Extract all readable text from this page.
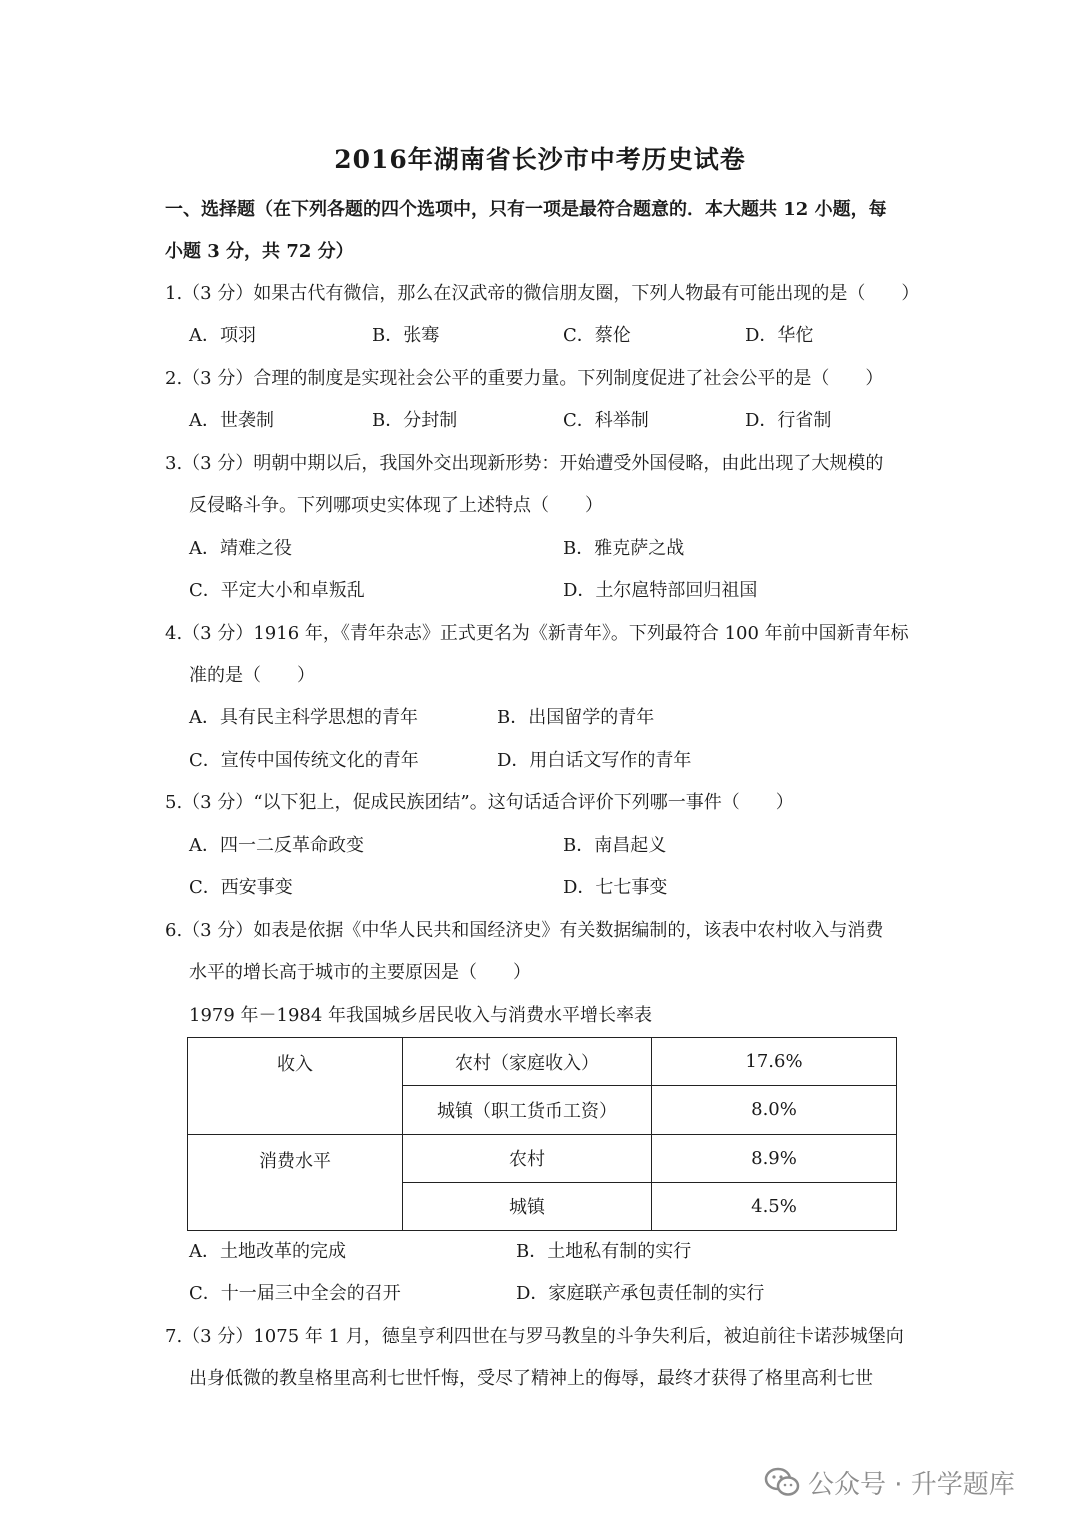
2016年湖南省长沙市中考历史试卷
一、选择题（在下列各题的四个选项中，只有一项是最符合题意的．本大题共 12 小题，每
小题 3 分，共 72 分）
1.（3 分）如果古代有微信，那么在汉武帝的微信朋友圈，下列人物最有可能出现的是（　　）
A．项羽	B．张骞	C．蔡伦	D．华佗
2.（3 分）合理的制度是实现社会公平的重要力量。下列制度促进了社会公平的是（　　）
A．世袭制	B．分封制	C．科举制	D．行省制
3.（3 分）明朝中期以后，我国外交出现新形势：开始遭受外国侵略，由此出现了大规模的
反侵略斗争。下列哪项史实体现了上述特点（　　）
A．靖难之役	B．雅克萨之战
C．平定大小和卓叛乱	D．土尔扈特部回归祖国
4.（3 分）1916 年，《青年杂志》正式更名为《新青年》。下列最符合 100 年前中国新青年标
准的是（　　）
A．具有民主科学思想的青年	B．出国留学的青年
C．宣传中国传统文化的青年	D．用白话文写作的青年
5.（3 分）“以下犯上，促成民族团结”。这句话适合评价下列哪一事件（　　）
A．四一二反革命政变	B．南昌起义
C．西安事变	D．七七事变
6.（3 分）如表是依据《中华人民共和国经济史》有关数据编制的，该表中农村收入与消费
水平的增长高于城市的主要原因是（　　）
1979 年－1984 年我国城乡居民收入与消费水平增长率表
收入	农村（家庭收入）	17.6%
	城镇（职工货币工资）	8.0%
消费水平	农村	8.9%
	城镇	4.5%
A．土地改革的完成	B．土地私有制的实行
C．十一届三中全会的召开	D．家庭联产承包责任制的实行
7.（3 分）1075 年 1 月，德皇亨利四世在与罗马教皇的斗争失利后，被迫前往卡诺莎城堡向
出身低微的教皇格里高利七世忏悔，受尽了精神上的侮辱，最终才获得了格里高利七世
公众号 · 升学题库
